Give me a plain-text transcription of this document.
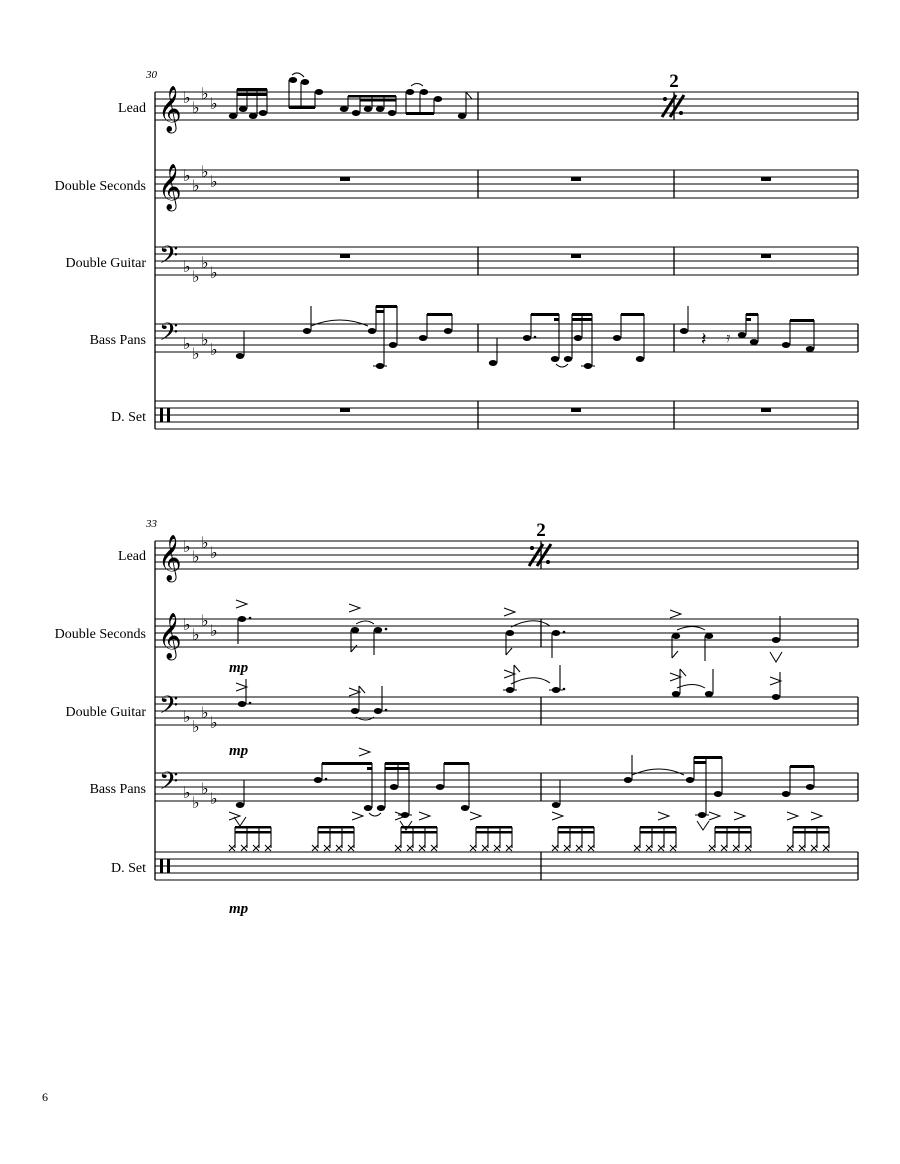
30
Lead
Double Seconds
Double Guitar
Bass Pans
D. Set
𝄞
𝄞
𝄢
𝄢
♭
♭
♭
♭
♭
♭
♭
♭
♭
♭
♭
♭
♭
♭
♭
♭
2
𝄽 𝄿
33
Lead
Double Seconds
Double Guitar
Bass Pans
D. Set
𝄞
𝄞
𝄢
𝄢
♭
♭
♭
♭
♭
♭
♭
♭
♭
♭
♭
♭
♭
♭
♭
♭
2
mp
mp
mp
6
